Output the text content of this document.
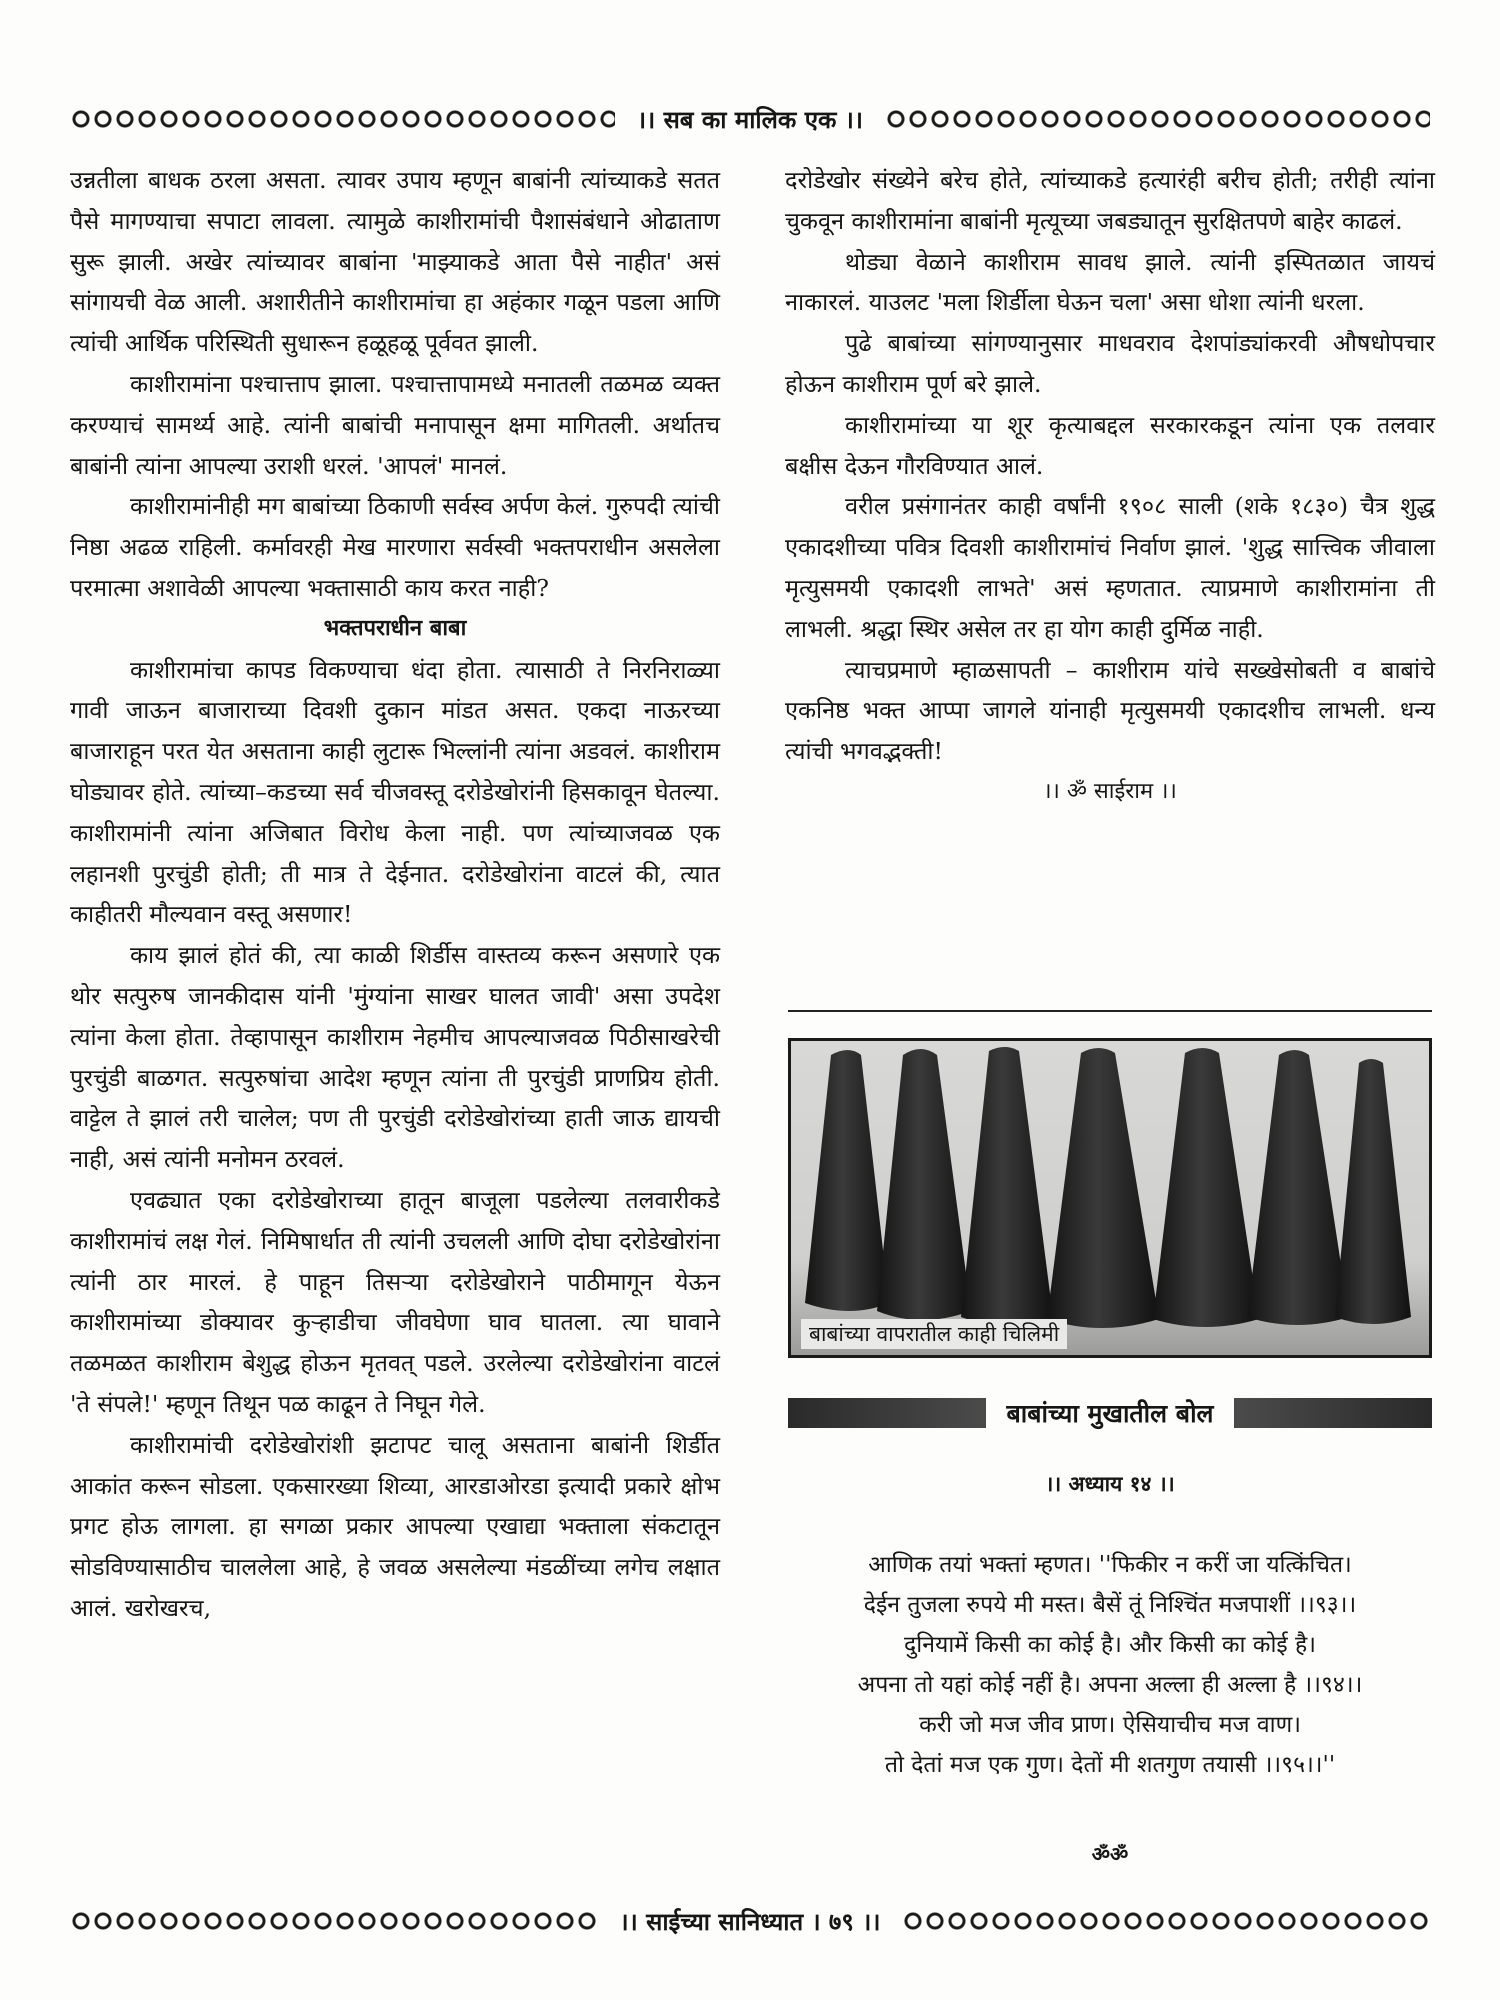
।। सब का मालिक एक ।।

उन्नतीला बाधक ठरला असता. त्यावर उपाय म्हणून बाबांनी त्यांच्याकडे सतत पैसे मागण्याचा सपाटा लावला. त्यामुळे काशीरामांची पैशासंबंधाने ओढाताण सुरू झाली. अखेर त्यांच्यावर बाबांना 'माझ्याकडे आता पैसे नाहीत' असं सांगायची वेळ आली. अशारीतीने काशीरामांचा हा अहंकार गळून पडला आणि त्यांची आर्थिक परिस्थिती सुधारून हळूहळू पूर्ववत झाली.

काशीरामांना पश्चात्ताप झाला. पश्चात्तापामध्ये मनातली तळमळ व्यक्त करण्याचं सामर्थ्य आहे. त्यांनी बाबांची मनापासून क्षमा मागितली. अर्थातच बाबांनी त्यांना आपल्या उराशी धरलं. 'आपलं' मानलं.

काशीरामांनीही मग बाबांच्या ठिकाणी सर्वस्व अर्पण केलं. गुरुपदी त्यांची निष्ठा अढळ राहिली. कर्मावरही मेख मारणारा सर्वस्वी भक्तपराधीन असलेला परमात्मा अशावेळी आपल्या भक्तासाठी काय करत नाही?

भक्तपराधीन बाबा

काशीरामांचा कापड विकण्याचा धंदा होता. त्यासाठी ते निरनिराळ्या गावी जाऊन बाजाराच्या दिवशी दुकान मांडत असत. एकदा नाऊरच्या बाजाराहून परत येत असताना काही लुटारू भिल्लांनी त्यांना अडवलं. काशीराम घोड्यावर होते. त्यांच्या–कडच्या सर्व चीजवस्तू दरोडेखोरांनी हिसकावून घेतल्या. काशीरामांनी त्यांना अजिबात विरोध केला नाही. पण त्यांच्याजवळ एक लहानशी पुरचुंडी होती; ती मात्र ते देईनात. दरोडेखोरांना वाटलं की, त्यात काहीतरी मौल्यवान वस्तू असणार!

काय झालं होतं की, त्या काळी शिर्डीस वास्तव्य करून असणारे एक थोर सत्पुरुष जानकीदास यांनी 'मुंग्यांना साखर घालत जावी' असा उपदेश त्यांना केला होता. तेव्हापासून काशीराम नेहमीच आपल्याजवळ पिठीसाखरेची पुरचुंडी बाळगत. सत्पुरुषांचा आदेश म्हणून त्यांना ती पुरचुंडी प्राणप्रिय होती. वाट्टेल ते झालं तरी चालेल; पण ती पुरचुंडी दरोडेखोरांच्या हाती जाऊ द्यायची नाही, असं त्यांनी मनोमन ठरवलं.

एवढ्यात एका दरोडेखोराच्या हातून बाजूला पडलेल्या तलवारीकडे काशीरामांचं लक्ष गेलं. निमिषार्धात ती त्यांनी उचलली आणि दोघा दरोडेखोरांना त्यांनी ठार मारलं. हे पाहून तिसऱ्या दरोडेखोराने पाठीमागून येऊन काशीरामांच्या डोक्यावर कुऱ्हाडीचा जीवघेणा घाव घातला. त्या घावाने तळमळत काशीराम बेशुद्ध होऊन मृतवत् पडले. उरलेल्या दरोडेखोरांना वाटलं 'ते संपले!' म्हणून तिथून पळ काढून ते निघून गेले.

काशीरामांची दरोडेखोरांशी झटापट चालू असताना बाबांनी शिर्डीत आकांत करून सोडला. एकसारख्या शिव्या, आरडाओरडा इत्यादी प्रकारे क्षोभ प्रगट होऊ लागला. हा सगळा प्रकार आपल्या एखाद्या भक्ताला संकटातून सोडविण्यासाठीच चाललेला आहे, हे जवळ असलेल्या मंडळींच्या लगेच लक्षात आलं. खरोखरच,

दरोडेखोर संख्येने बरेच होते, त्यांच्याकडे हत्यारंही बरीच होती; तरीही त्यांना चुकवून काशीरामांना बाबांनी मृत्यूच्या जबड्यातून सुरक्षितपणे बाहेर काढलं.

थोड्या वेळाने काशीराम सावध झाले. त्यांनी इस्पितळात जायचं नाकारलं. याउलट 'मला शिर्डीला घेऊन चला' असा धोशा त्यांनी धरला.

पुढे बाबांच्या सांगण्यानुसार माधवराव देशपांड्यांकरवी औषधोपचार होऊन काशीराम पूर्ण बरे झाले.

काशीरामांच्या या शूर कृत्याबद्दल सरकारकडून त्यांना एक तलवार बक्षीस देऊन गौरविण्यात आलं.

वरील प्रसंगानंतर काही वर्षांनी १९०८ साली (शके १८३०) चैत्र शुद्ध एकादशीच्या पवित्र दिवशी काशीरामांचं निर्वाण झालं. 'शुद्ध सात्त्विक जीवाला मृत्युसमयी एकादशी लाभते' असं म्हणतात. त्याप्रमाणे काशीरामांना ती लाभली. श्रद्धा स्थिर असेल तर हा योग काही दुर्मिळ नाही.

त्याचप्रमाणे म्हाळसापती – काशीराम यांचे सख्खेसोबती व बाबांचे एकनिष्ठ भक्त आप्पा जागले यांनाही मृत्युसमयी एकादशीच लाभली. धन्य त्यांची भगवद्भक्ती!

।। ॐ साईराम ।।

बाबांच्या वापरातील काही चिलिमी
बाबांच्या मुखातील बोल
।। अध्याय १४ ।।
आणिक तयां भक्तां म्हणत। ''फिकीर न करीं जा यत्किंचित।
देईन तुजला रुपये मी मस्त। बैसें तूं निश्चिंत मजपाशीं ।।९३।।
दुनियामें किसी का कोई है। और किसी का कोई है।
अपना तो यहां कोई नहीं है। अपना अल्ला ही अल्ला है ।।९४।।
करी जो मज जीव प्राण। ऐसियाचीच मज वाण।
तो देतां मज एक गुण। देतों मी शतगुण तयासी ।।९५।।''
ॐॐ
।। साईच्या सानिध्यात । ७९ ।।
